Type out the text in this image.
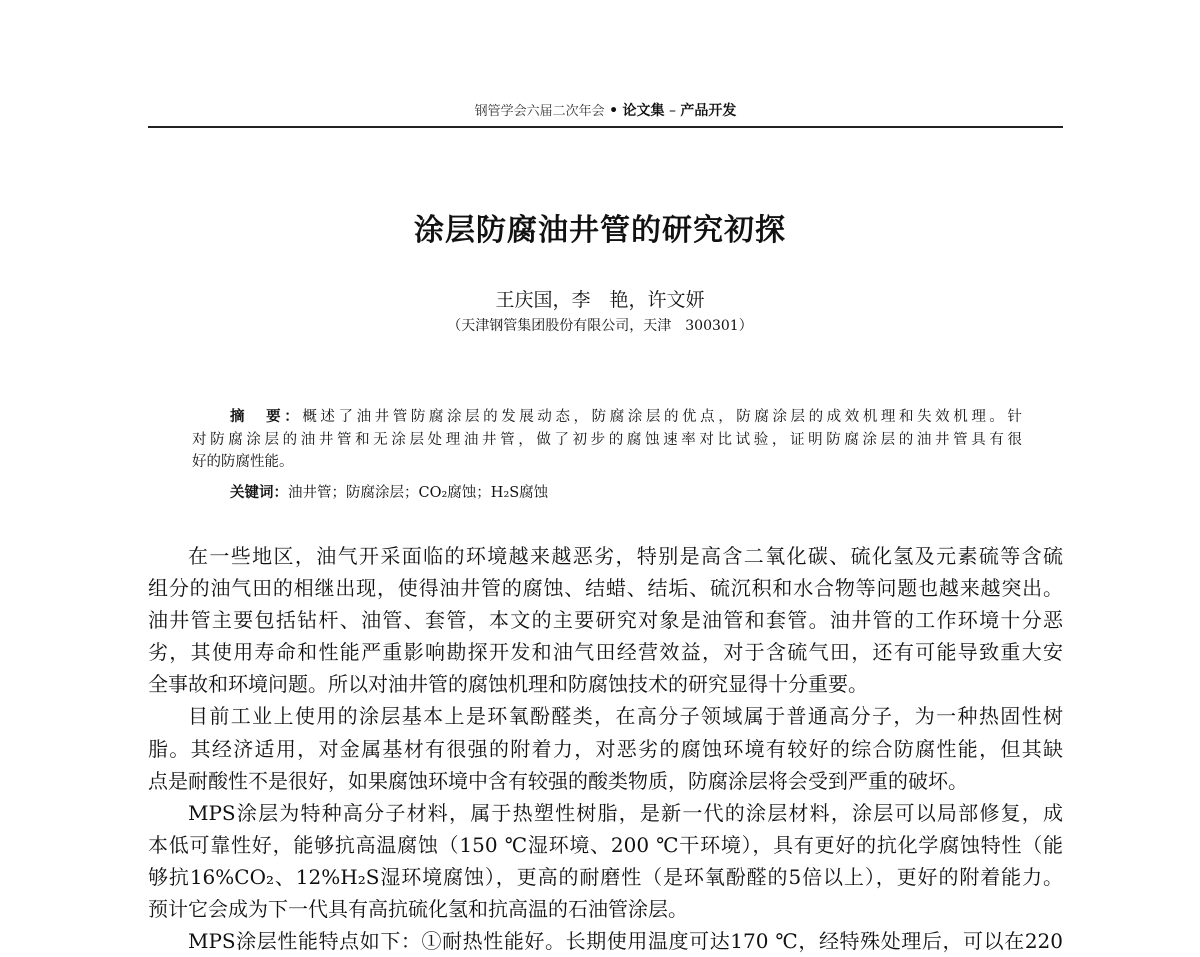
钢管学会六届二次年会 • 论文集 – 产品开发
涂层防腐油井管的研究初探
王庆国，李　艳，许文妍
（天津钢管集团股份有限公司，天津　300301）
摘　要：概述了油井管防腐涂层的发展动态，防腐涂层的优点，防腐涂层的成效机理和失效机理。针
对防腐涂层的油井管和无涂层处理油井管，做了初步的腐蚀速率对比试验，证明防腐涂层的油井管具有很
好的防腐性能。
关键词：油井管；防腐涂层；CO₂腐蚀；H₂S腐蚀
在一些地区，油气开采面临的环境越来越恶劣，特别是高含二氧化碳、硫化氢及元素硫等含硫
组分的油气田的相继出现，使得油井管的腐蚀、结蜡、结垢、硫沉积和水合物等问题也越来越突出。
油井管主要包括钻杆、油管、套管，本文的主要研究对象是油管和套管。油井管的工作环境十分恶
劣，其使用寿命和性能严重影响勘探开发和油气田经营效益，对于含硫气田，还有可能导致重大安
全事故和环境问题。所以对油井管的腐蚀机理和防腐蚀技术的研究显得十分重要。
目前工业上使用的涂层基本上是环氧酚醛类，在高分子领域属于普通高分子，为一种热固性树
脂。其经济适用，对金属基材有很强的附着力，对恶劣的腐蚀环境有较好的综合防腐性能，但其缺
点是耐酸性不是很好，如果腐蚀环境中含有较强的酸类物质，防腐涂层将会受到严重的破坏。
MPS涂层为特种高分子材料，属于热塑性树脂，是新一代的涂层材料，涂层可以局部修复，成
本低可靠性好，能够抗高温腐蚀（150 ℃湿环境、200 ℃干环境），具有更好的抗化学腐蚀特性（能
够抗16%CO₂、12%H₂S湿环境腐蚀），更高的耐磨性（是环氧酚醛的5倍以上），更好的附着能力。
预计它会成为下一代具有高抗硫化氢和抗高温的石油管涂层。
MPS涂层性能特点如下：①耐热性能好。长期使用温度可达170 ℃，经特殊处理后，可以在220
